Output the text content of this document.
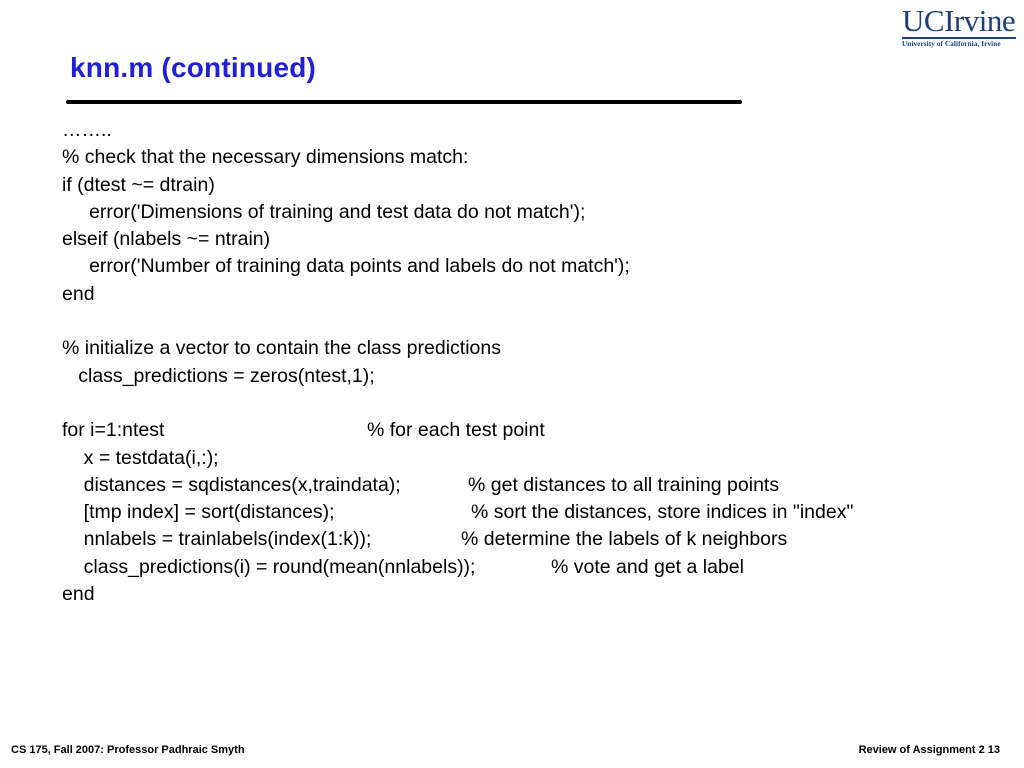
UCIrvine
University of California, Irvine
knn.m (continued)
……..
% check that the necessary dimensions match:
if (dtest ~= dtrain)
error('Dimensions of training and test data do not match');
elseif (nlabels ~= ntrain)
error('Number of training data points and labels do not match');
end
% initialize a vector to contain the class predictions
class_predictions = zeros(ntest,1);
for i=1:ntest	% for each test point
x = testdata(i,:);
distances = sqdistances(x,traindata);	% get distances to all training points
[tmp index] = sort(distances);	% sort the distances, store indices in "index"
nnlabels = trainlabels(index(1:k));	% determine the labels of k neighbors
class_predictions(i) = round(mean(nnlabels));	% vote and get a label
end
CS 175, Fall 2007: Professor Padhraic Smyth	Review of Assignment 2 13
